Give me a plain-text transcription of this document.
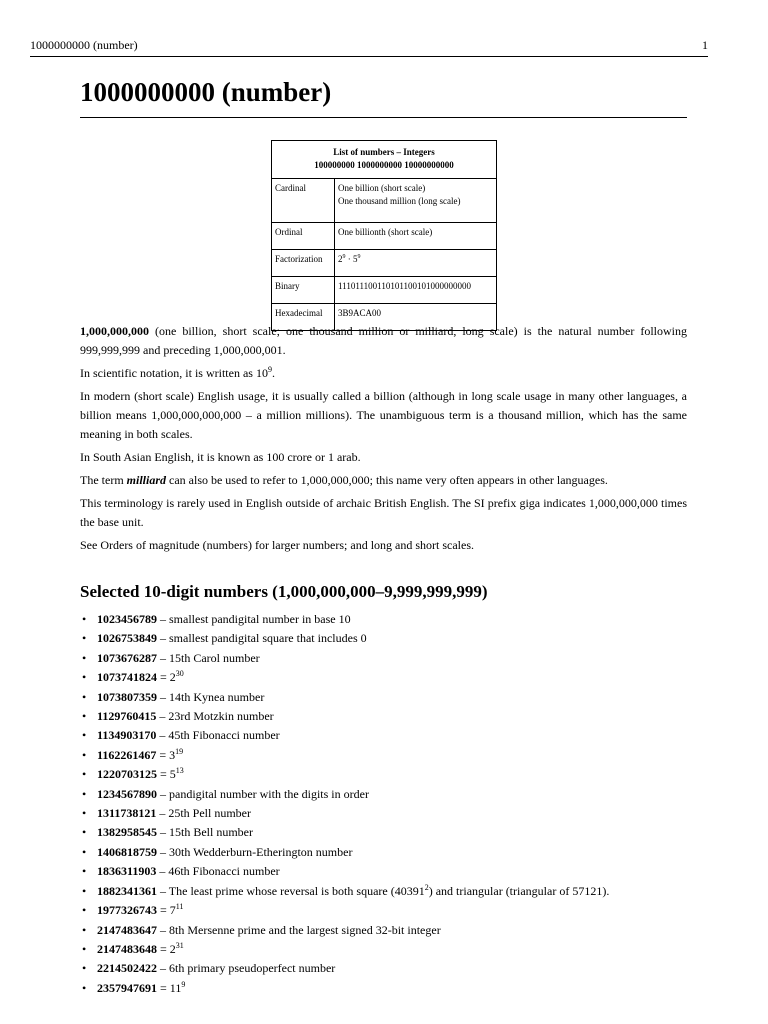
1000000000 (number)	1
1000000000 (number)
List of numbers – Integers
100000000 1000000000 10000000000	

Cardinal	One billion (short scale)
One thousand million (long scale)

Ordinal	One billionth (short scale)
Factorization	$2^9 \cdot 5^9$
Binary	111011100110101100101000000000
Hexadecimal	3B9ACA00

1,000,000,000 (one billion, short scale; one thousand million or milliard, long scale) is the natural number following 999,999,999 and preceding 1,000,000,001.

In scientific notation, it is written as $10^9$.

In modern (short scale) English usage, it is usually called a billion (although in long scale usage in many other languages, a billion means 1,000,000,000,000 – a million millions). The unambiguous term is a thousand million, which has the same meaning in both scales.

In South Asian English, it is known as 100 crore or 1 arab.

The term milliard can also be used to refer to 1,000,000,000; this name very often appears in other languages.

This terminology is rarely used in English outside of archaic British English. The SI prefix giga indicates 1,000,000,000 times the base unit.

See Orders of magnitude (numbers) for larger numbers; and long and short scales.

Selected 10-digit numbers (1,000,000,000–9,999,999,999)
• 1023456789 – smallest pandigital number in base 10
• 1026753849 – smallest pandigital square that includes 0
• 1073676287 – 15th Carol number
• $1073741824 = 2^{30}$
• 1073807359 – 14th Kynea number
• 1129760415 – 23rd Motzkin number
• 1134903170 – 45th Fibonacci number
• $1162261467 = 3^{19}$
• $1220703125 = 5^{13}$
• 1234567890 – pandigital number with the digits in order
• 1311738121 – 25th Pell number
• 1382958545 – 15th Bell number
• 1406818759 – 30th Wedderburn-Etherington number
• 1836311903 – 46th Fibonacci number
• 1882341361 – The least prime whose reversal is both square (40391$^2$) and triangular (triangular of 57121).
• $1977326743 = 7^{11}$
• 2147483647 – 8th Mersenne prime and the largest signed 32-bit integer
• $2147483648 = 2^{31}$
• 2214502422 – 6th primary pseudoperfect number
• $2357947691 = 11^9$
